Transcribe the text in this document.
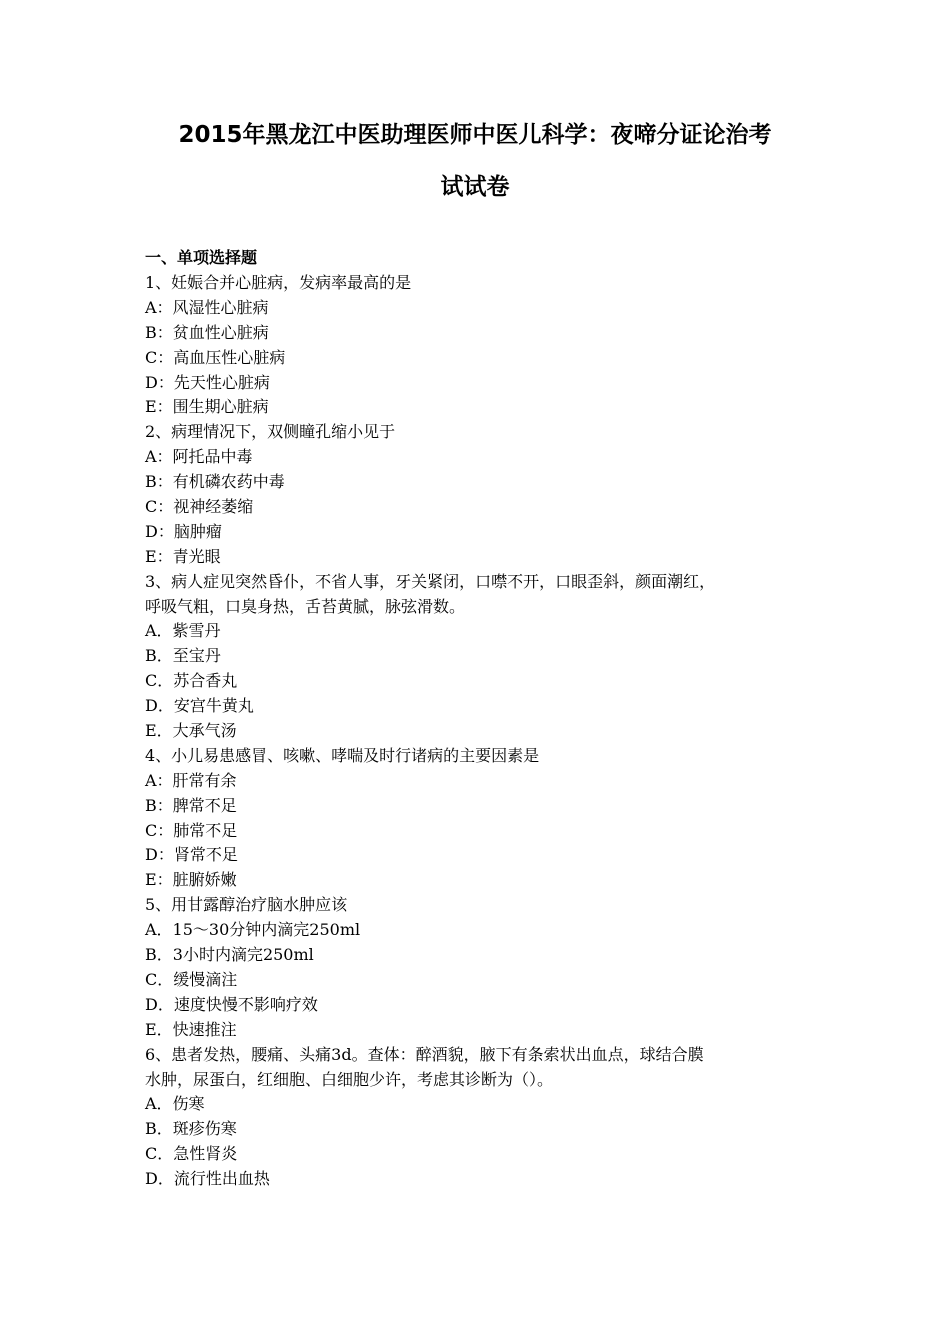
2015年黑龙江中医助理医师中医儿科学：夜啼分证论治考
试试卷
一、单项选择题
1、妊娠合并心脏病，发病率最高的是
A：风湿性心脏病
B：贫血性心脏病
C：高血压性心脏病
D：先天性心脏病
E：围生期心脏病
2、病理情况下，双侧瞳孔缩小见于
A：阿托品中毒
B：有机磷农药中毒
C：视神经萎缩
D：脑肿瘤
E：青光眼
3、病人症见突然昏仆，不省人事，牙关紧闭，口噤不开，口眼歪斜，颜面潮红，
呼吸气粗，口臭身热，舌苔黄腻，脉弦滑数。
A．紫雪丹
B．至宝丹
C．苏合香丸
D．安宫牛黄丸
E．大承气汤
4、小儿易患感冒、咳嗽、哮喘及时行诸病的主要因素是
A：肝常有余
B：脾常不足
C：肺常不足
D：肾常不足
E：脏腑娇嫩
5、用甘露醇治疗脑水肿应该
A．15～30分钟内滴完250ml
B．3小时内滴完250ml
C．缓慢滴注
D．速度快慢不影响疗效
E．快速推注
6、患者发热，腰痛、头痛3d。查体：醉酒貌，腋下有条索状出血点，球结合膜
水肿，尿蛋白，红细胞、白细胞少许，考虑其诊断为（）。
A．伤寒
B．斑疹伤寒
C．急性肾炎
D．流行性出血热
